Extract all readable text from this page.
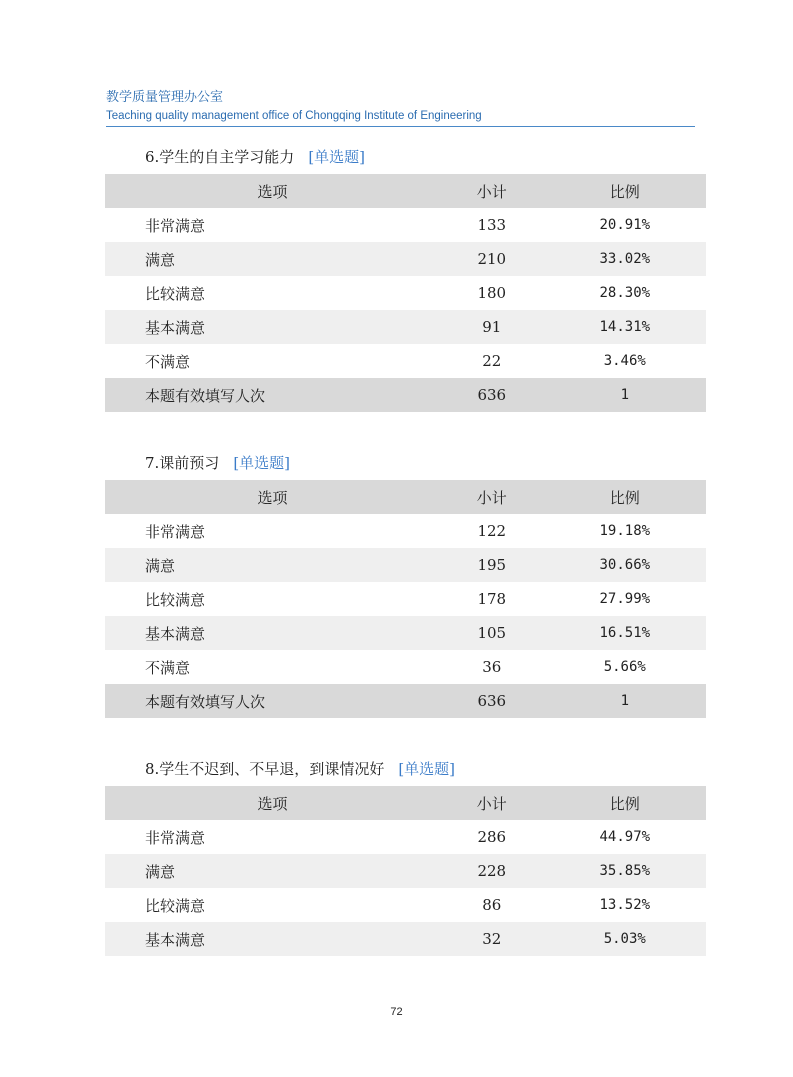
教学质量管理办公室

Teaching quality management office of Chongqing Institute of Engineering

6.学生的自主学习能力 [单选题]
选项	小计	比例
非常满意	133	20.91%
满意	210	33.02%
比较满意	180	28.30%
基本满意	91	14.31%
不满意	22	3.46%
本题有效填写人次	636	1
7.课前预习 [单选题]
选项	小计	比例
非常满意	122	19.18%
满意	195	30.66%
比较满意	178	27.99%
基本满意	105	16.51%
不满意	36	5.66%
本题有效填写人次	636	1
8.学生不迟到、不早退，到课情况好 [单选题]
选项	小计	比例
非常满意	286	44.97%
满意	228	35.85%
比较满意	86	13.52%
基本满意	32	5.03%
72
